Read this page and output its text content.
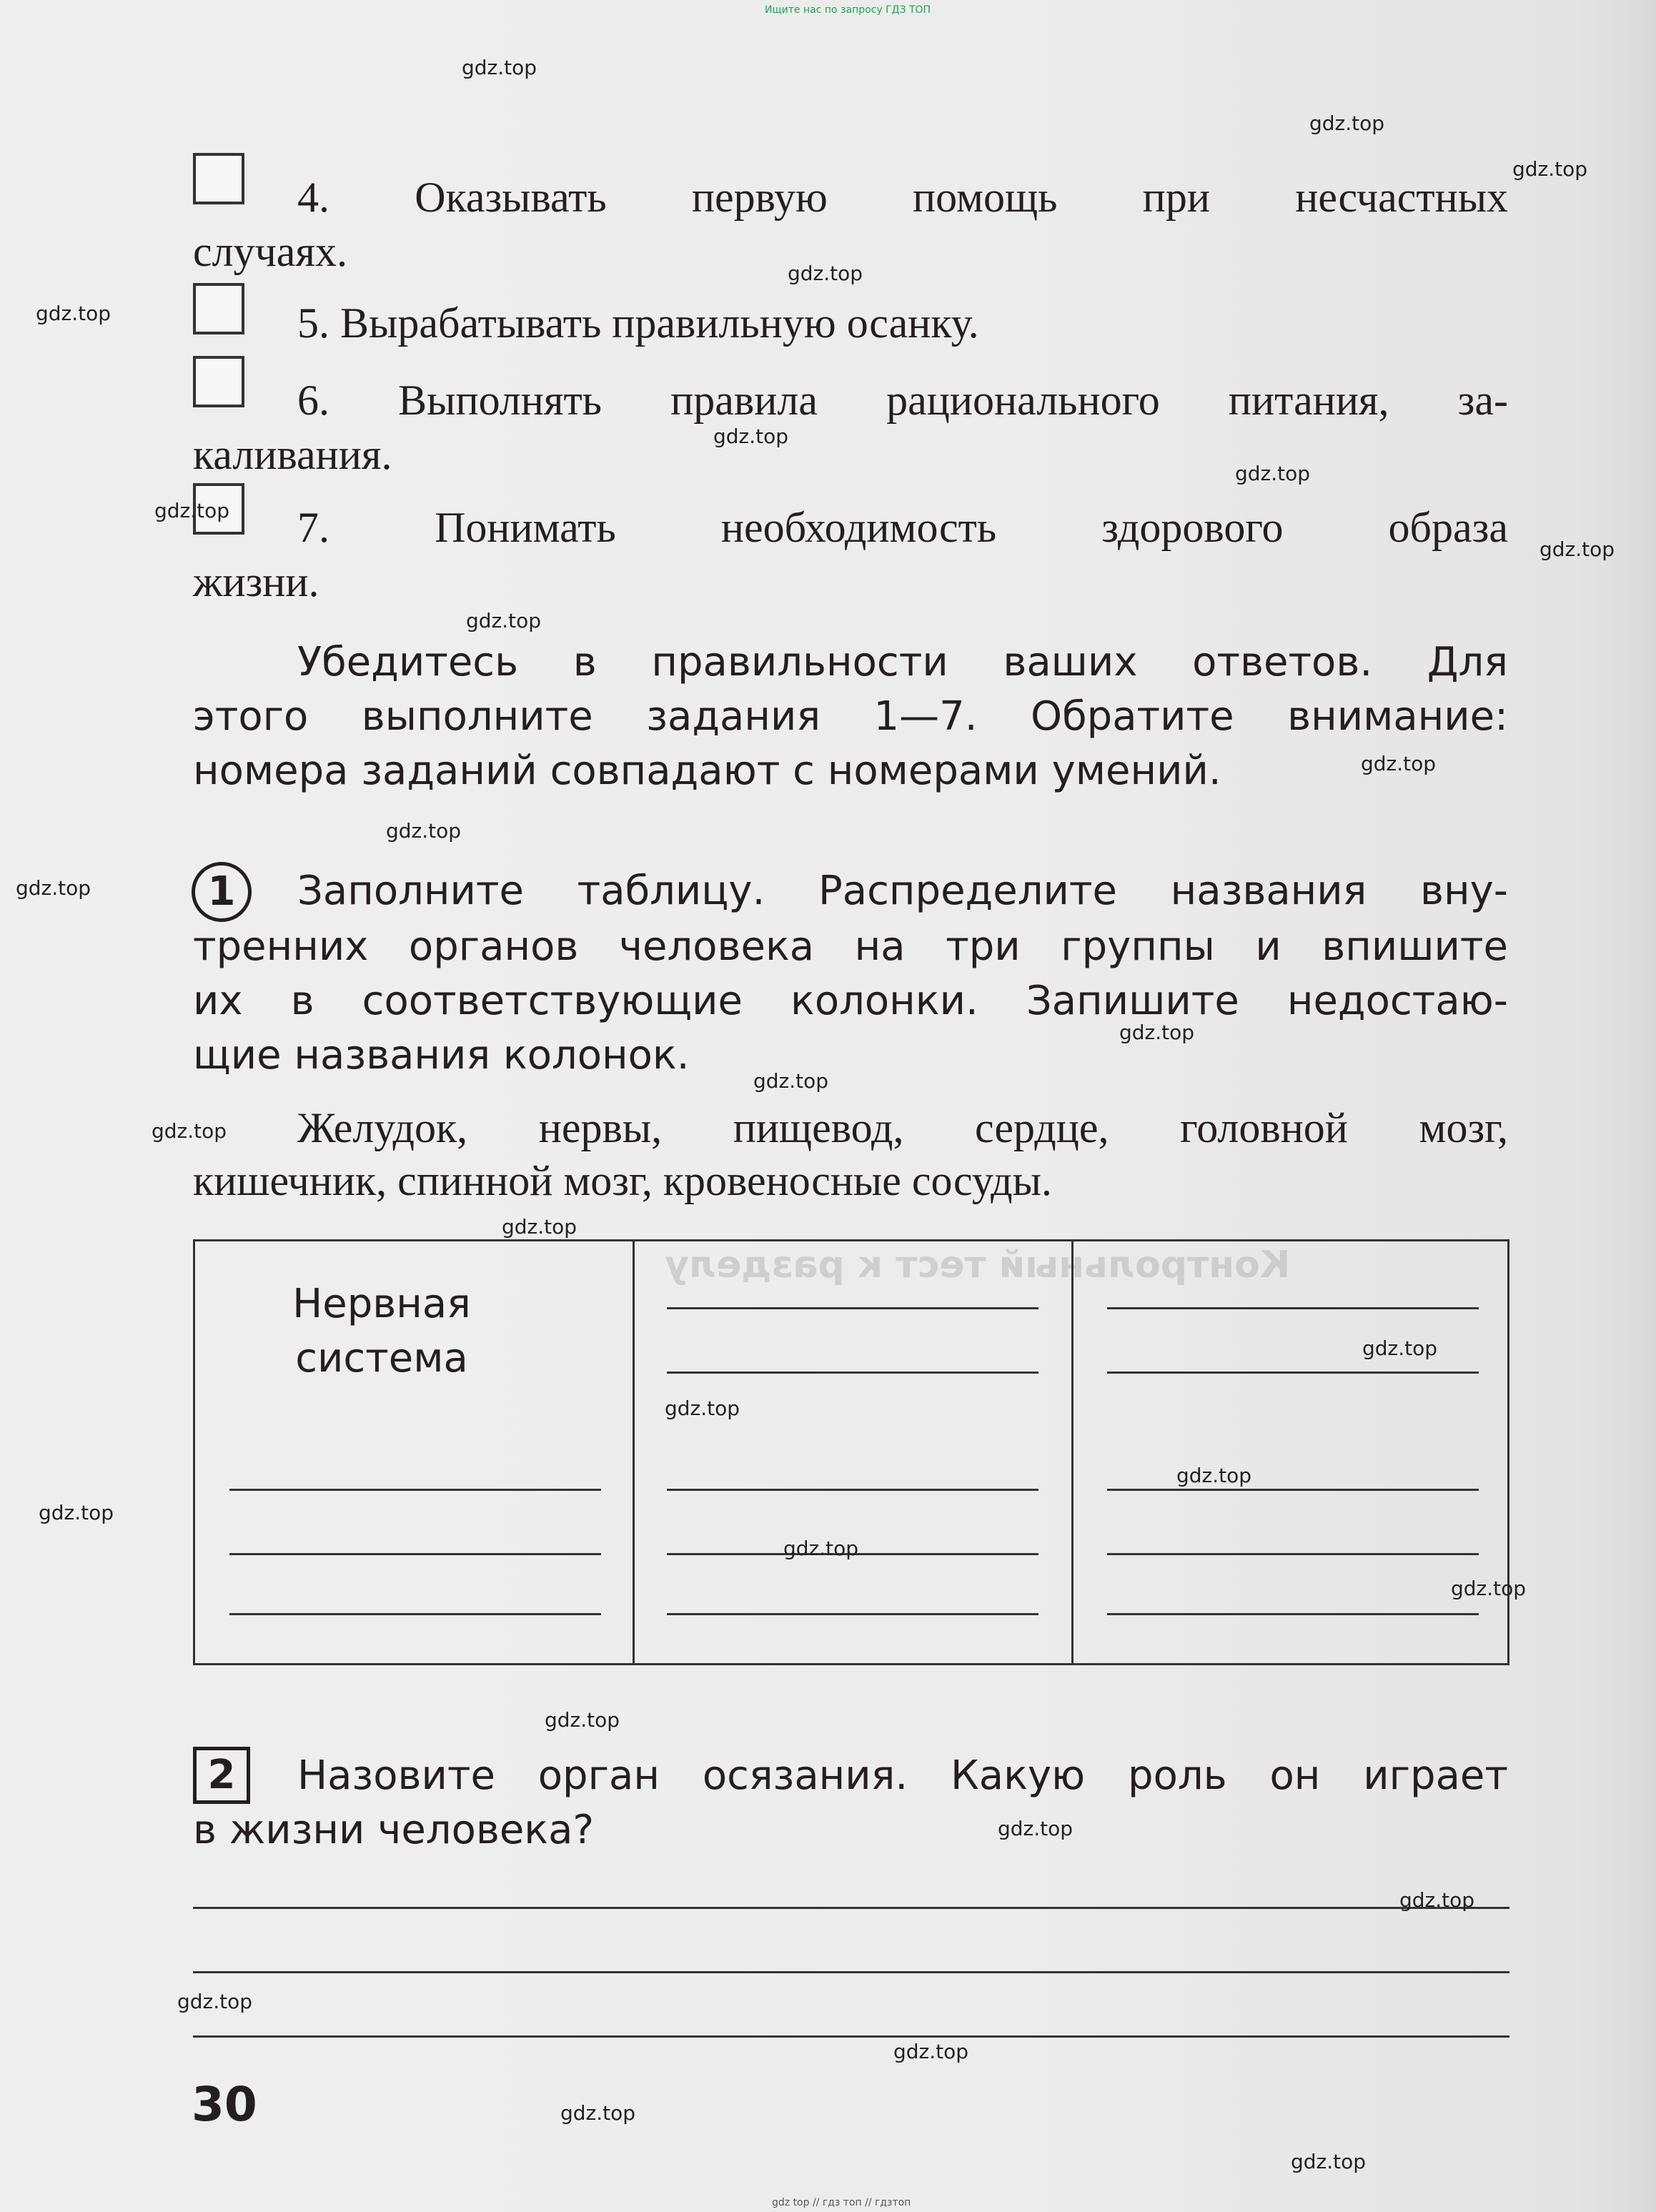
Ищите нас по запросу ГДЗ ТОП
Контрольный тест к разделу
4. Оказывать первую помощь при несчастных
случаях.
5. Вырабатывать правильную осанку.
6. Выполнять правила рационального питания, за-
каливания.
7. Понимать необходимость здорового образа
жизни.
Убедитесь в правильности ваших ответов. Для
этого выполните задания 1—7. Обратите внимание:
номера заданий совпадают с номерами умений.
1	Заполните таблицу. Распределите названия вну-
тренних органов человека на три группы и впишите
их в соответствующие колонки. Запишите недостаю-
щие названия колонок.
Желудок, нервы, пищевод, сердце, головной мозг,
кишечник, спинной мозг, кровеносные сосуды.
Нервная
система
2	Назовите орган осязания. Какую роль он играет
в жизни человека?
30
gdz top // гдз топ // гдзтоп
gdz.top
gdz.top
gdz.top
gdz.top
gdz.top
gdz.top
gdz.top
gdz.top
gdz.top
gdz.top
gdz.top
gdz.top
gdz.top
gdz.top
gdz.top
gdz.top
gdz.top
gdz.top
gdz.top
gdz.top
gdz.top
gdz.top
gdz.top
gdz.top
gdz.top
gdz.top
gdz.top
gdz.top
gdz.top
gdz.top
